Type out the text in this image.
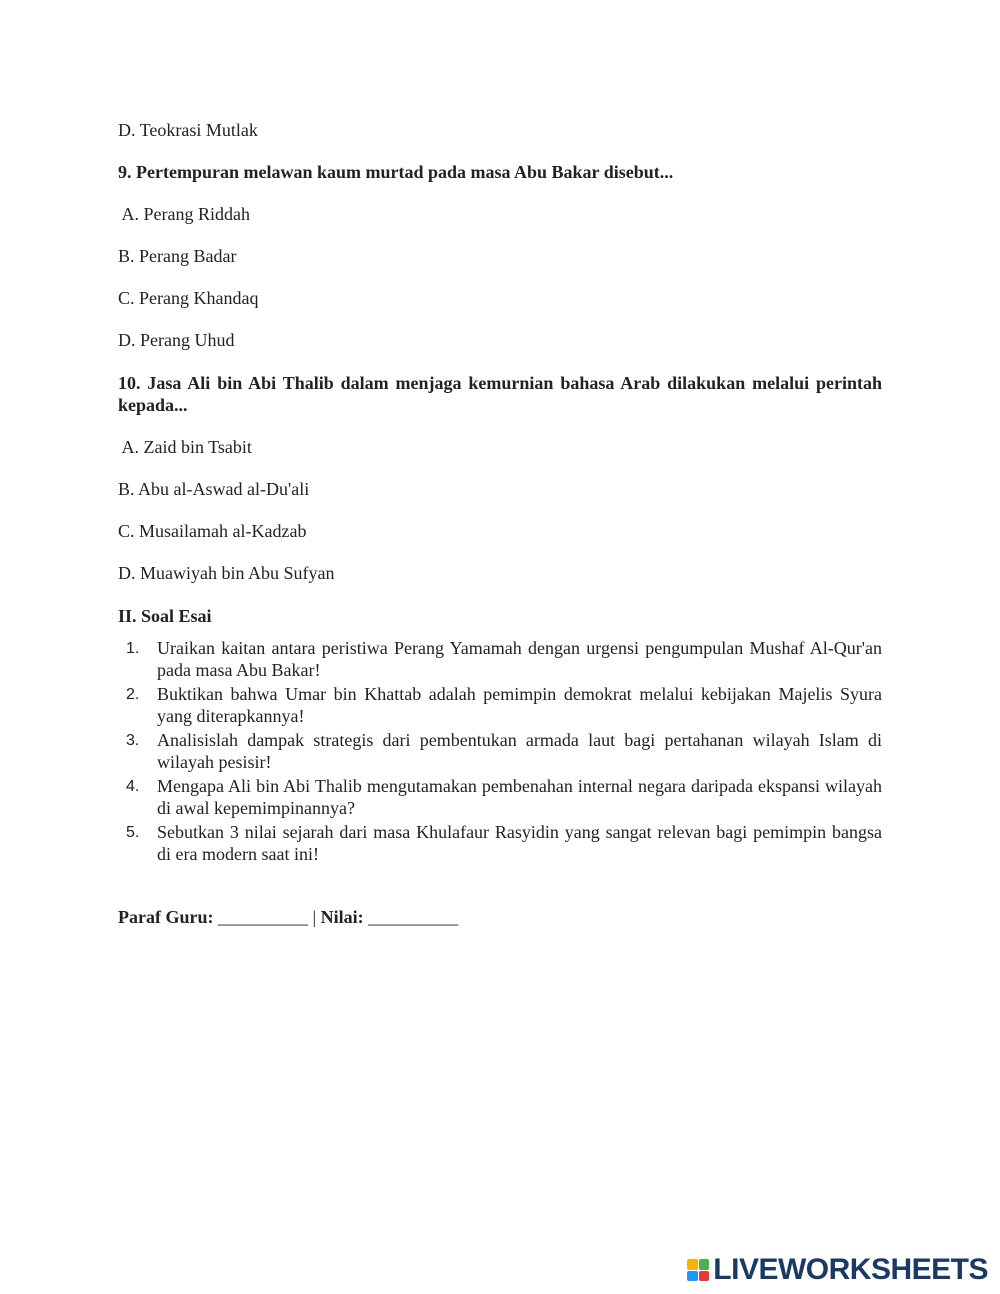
D. Teokrasi Mutlak
9. Pertempuran melawan kaum murtad pada masa Abu Bakar disebut...
A. Perang Riddah
B. Perang Badar
C. Perang Khandaq
D. Perang Uhud
10. Jasa Ali bin Abi Thalib dalam menjaga kemurnian bahasa Arab dilakukan melalui perintah kepada...
A. Zaid bin Tsabit
B. Abu al-Aswad al-Du'ali
C. Musailamah al-Kadzab
D. Muawiyah bin Abu Sufyan
II. Soal Esai
1. Uraikan kaitan antara peristiwa Perang Yamamah dengan urgensi pengumpulan Mushaf Al-Qur'an pada masa Abu Bakar!
2. Buktikan bahwa Umar bin Khattab adalah pemimpin demokrat melalui kebijakan Majelis Syura yang diterapkannya!
3. Analisislah dampak strategis dari pembentukan armada laut bagi pertahanan wilayah Islam di wilayah pesisir!
4. Mengapa Ali bin Abi Thalib mengutamakan pembenahan internal negara daripada ekspansi wilayah di awal kepemimpinannya?
5. Sebutkan 3 nilai sejarah dari masa Khulafaur Rasyidin yang sangat relevan bagi pemimpin bangsa di era modern saat ini!
Paraf Guru: __________ | Nilai: __________
LIVEWORKSHEETS
